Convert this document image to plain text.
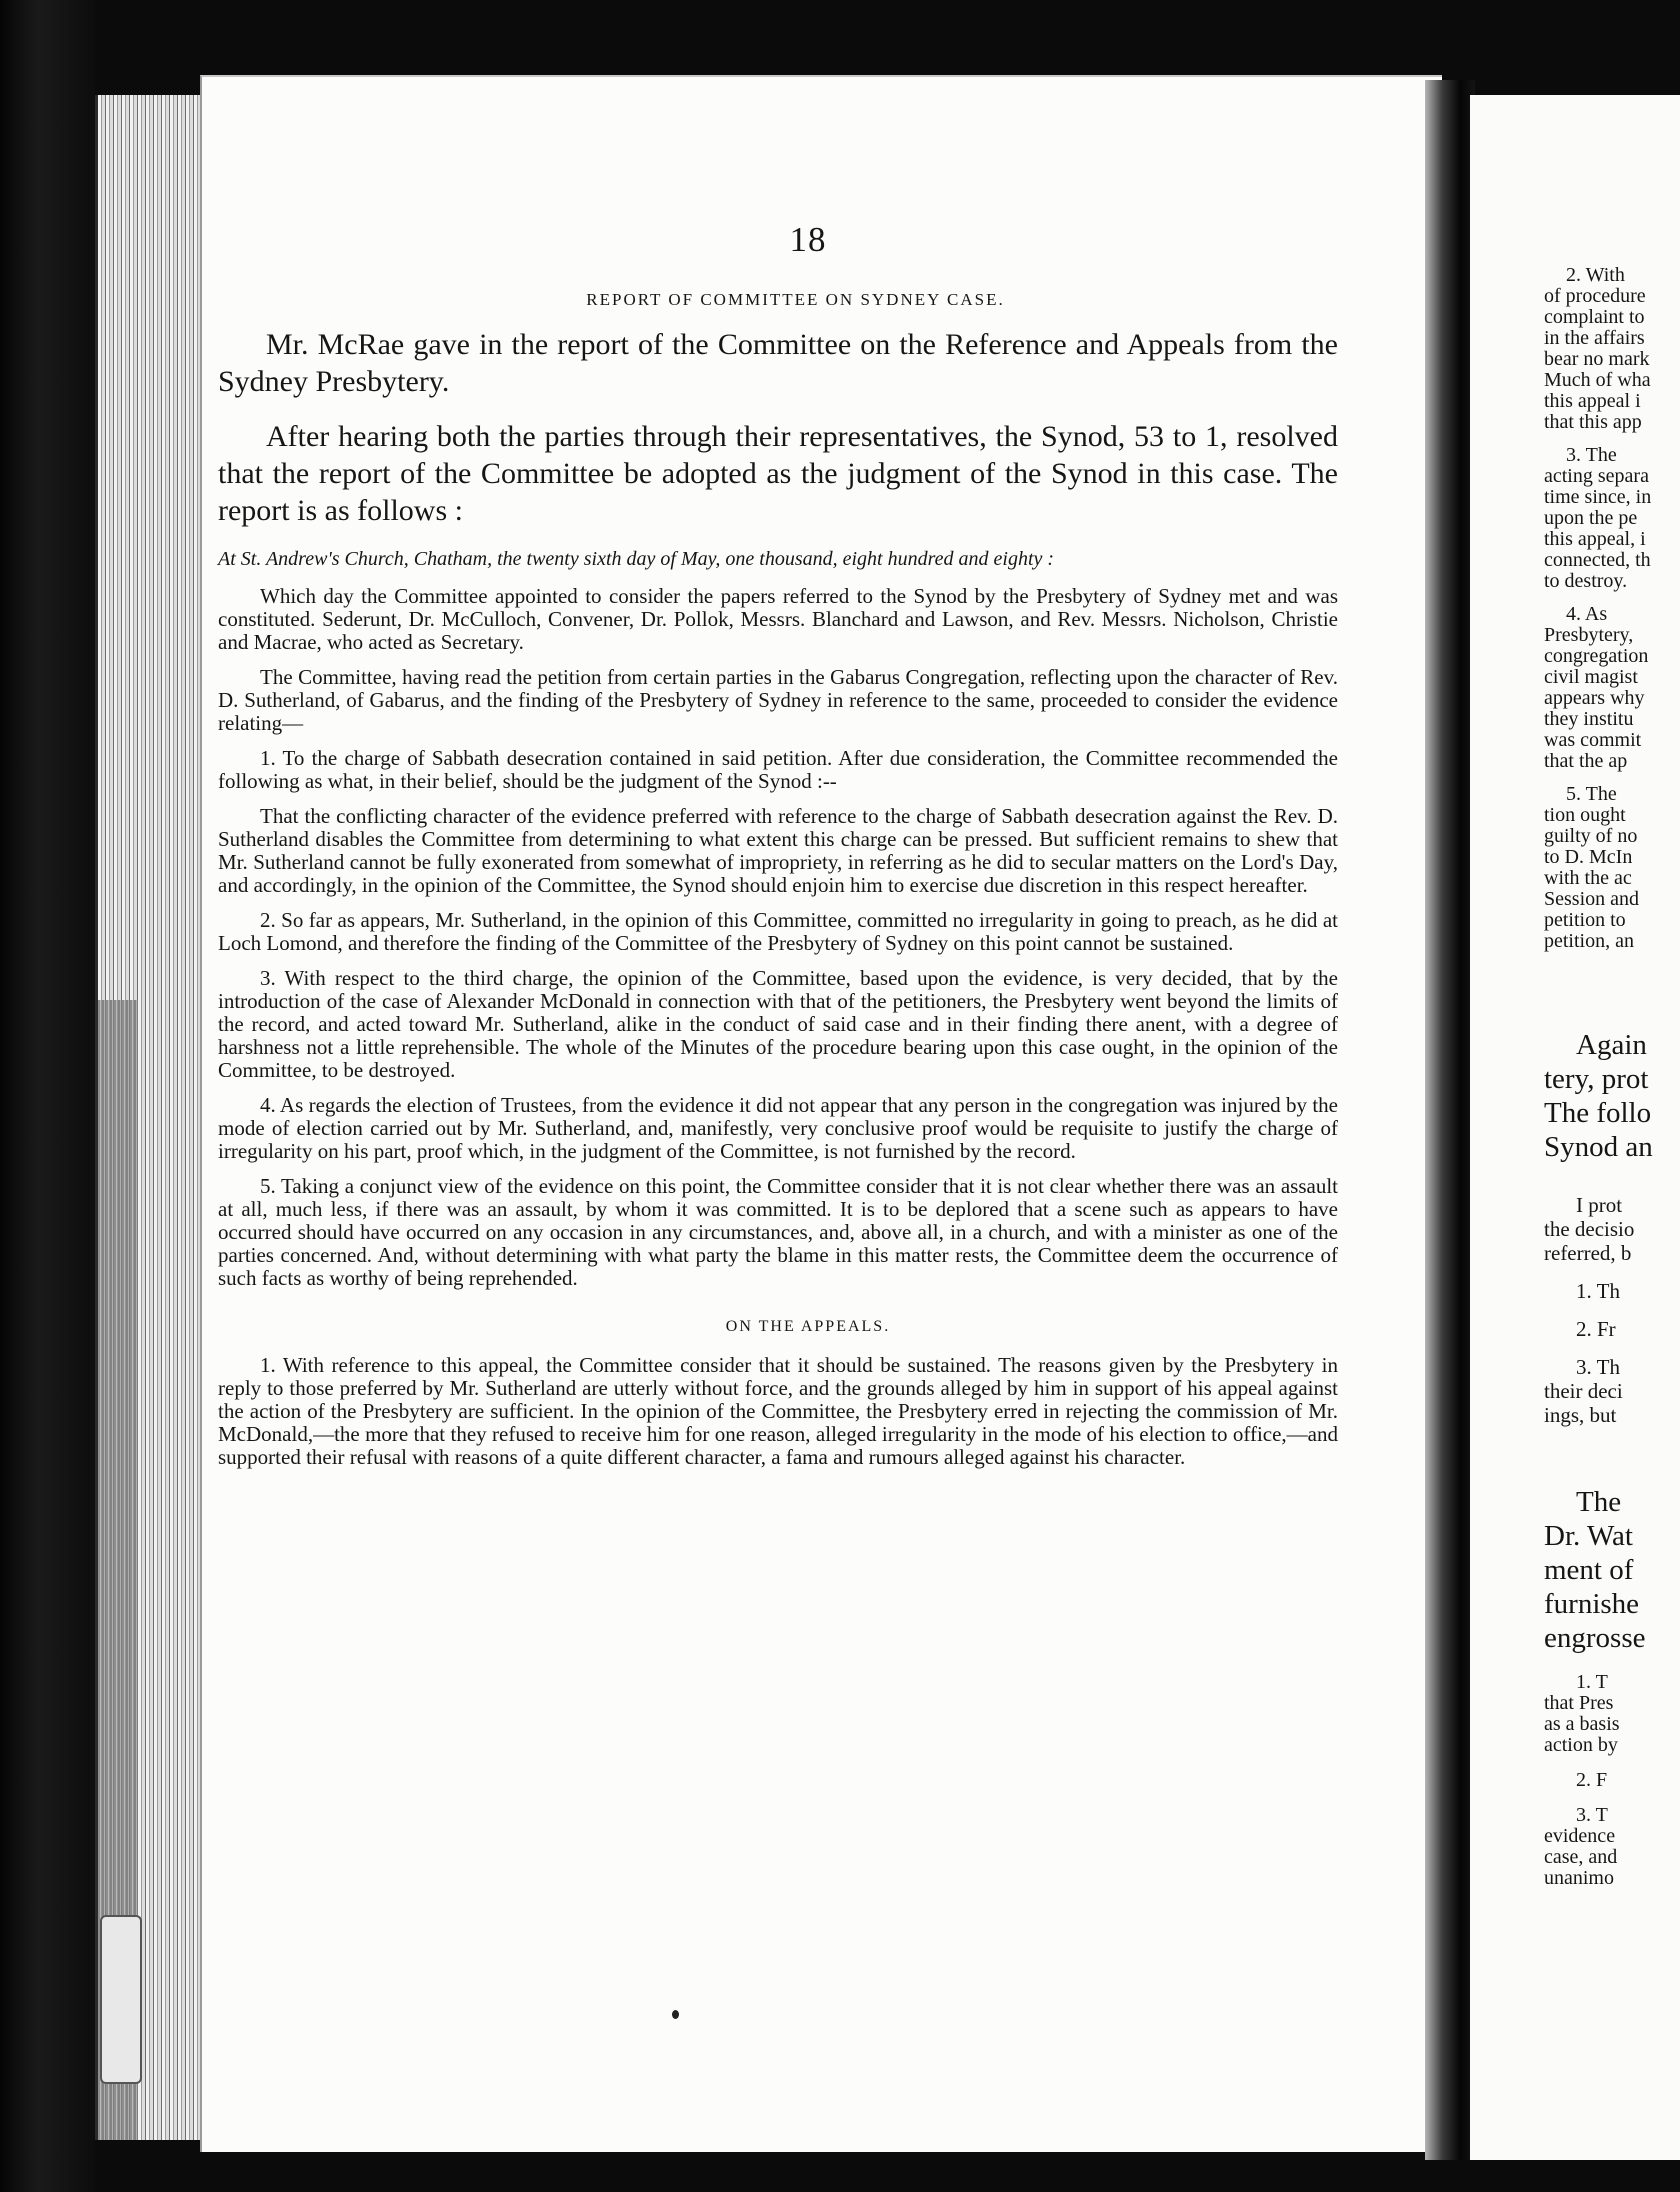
18
REPORT OF COMMITTEE ON SYDNEY CASE.

Mr. McRae gave in the report of the Committee on the Reference and Appeals from the Sydney Presbytery.

After hearing both the parties through their representatives, the Synod, 53 to 1, resolved that the report of the Committee be adopted as the judgment of the Synod in this case. The report is as follows :

At St. Andrew's Church, Chatham, the twenty sixth day of May, one thousand, eight hundred and eighty :

Which day the Committee appointed to consider the papers referred to the Synod by the Presbytery of Sydney met and was constituted. Sederunt, Dr. McCulloch, Convener, Dr. Pollok, Messrs. Blanchard and Lawson, and Rev. Messrs. Nicholson, Christie and Macrae, who acted as Secretary.

The Committee, having read the petition from certain parties in the Gabarus Congregation, reflecting upon the character of Rev. D. Sutherland, of Gabarus, and the finding of the Presbytery of Sydney in reference to the same, proceeded to consider the evidence relating—

1. To the charge of Sabbath desecration contained in said petition. After due consideration, the Committee recommended the following as what, in their belief, should be the judgment of the Synod :--

That the conflicting character of the evidence preferred with reference to the charge of Sabbath desecration against the Rev. D. Sutherland disables the Committee from determining to what extent this charge can be pressed. But sufficient remains to shew that Mr. Sutherland cannot be fully exonerated from somewhat of impropriety, in referring as he did to secular matters on the Lord's Day, and accordingly, in the opinion of the Committee, the Synod should enjoin him to exercise due discretion in this respect hereafter.

2. So far as appears, Mr. Sutherland, in the opinion of this Committee, committed no irregularity in going to preach, as he did at Loch Lomond, and therefore the finding of the Committee of the Presbytery of Sydney on this point cannot be sustained.

3. With respect to the third charge, the opinion of the Committee, based upon the evidence, is very decided, that by the introduction of the case of Alexander McDonald in connection with that of the petitioners, the Presbytery went beyond the limits of the record, and acted toward Mr. Sutherland, alike in the conduct of said case and in their finding there anent, with a degree of harshness not a little reprehensible. The whole of the Minutes of the procedure bearing upon this case ought, in the opinion of the Committee, to be destroyed.

4. As regards the election of Trustees, from the evidence it did not appear that any person in the congregation was injured by the mode of election carried out by Mr. Sutherland, and, manifestly, very conclusive proof would be requisite to justify the charge of irregularity on his part, proof which, in the judgment of the Committee, is not furnished by the record.

5. Taking a conjunct view of the evidence on this point, the Committee consider that it is not clear whether there was an assault at all, much less, if there was an assault, by whom it was committed. It is to be deplored that a scene such as appears to have occurred should have occurred on any occasion in any circumstances, and, above all, in a church, and with a minister as one of the parties concerned. And, without determining with what party the blame in this matter rests, the Committee deem the occurrence of such facts as worthy of being reprehended.

ON THE APPEALS.

1. With reference to this appeal, the Committee consider that it should be sustained. The reasons given by the Presbytery in reply to those preferred by Mr. Sutherland are utterly without force, and the grounds alleged by him in support of his appeal against the action of the Presbytery are sufficient. In the opinion of the Committee, the Presbytery erred in rejecting the commission of Mr. McDonald,—the more that they refused to receive him for one reason, alleged irregularity in the mode of his election to office,—and supported their refusal with reasons of a quite different character, a fama and rumours alleged against his character.

2. With
of procedure
complaint to
in the affairs
bear no mark
Much of wha
this appeal i
that this app
3. The
acting separa
time since, in
upon the pe
this appeal, i
connected, th
to destroy.
4. As
Presbytery,
congregation
civil magist
appears why
they institu
was commit
that the ap
5. The
tion ought
guilty of no
to D. McIn
with the ac
Session and
petition to
petition, an
Again
tery, prot
The follo
Synod an
I prot
the decisio
referred, b
1. Th
2. Fr
3. Th
their deci
ings, but
The
Dr. Wat
ment of
furnishe
engrosse
1. T
that Pres
as a basis
action by
2. F
3. T
evidence
case, and
unanimo
